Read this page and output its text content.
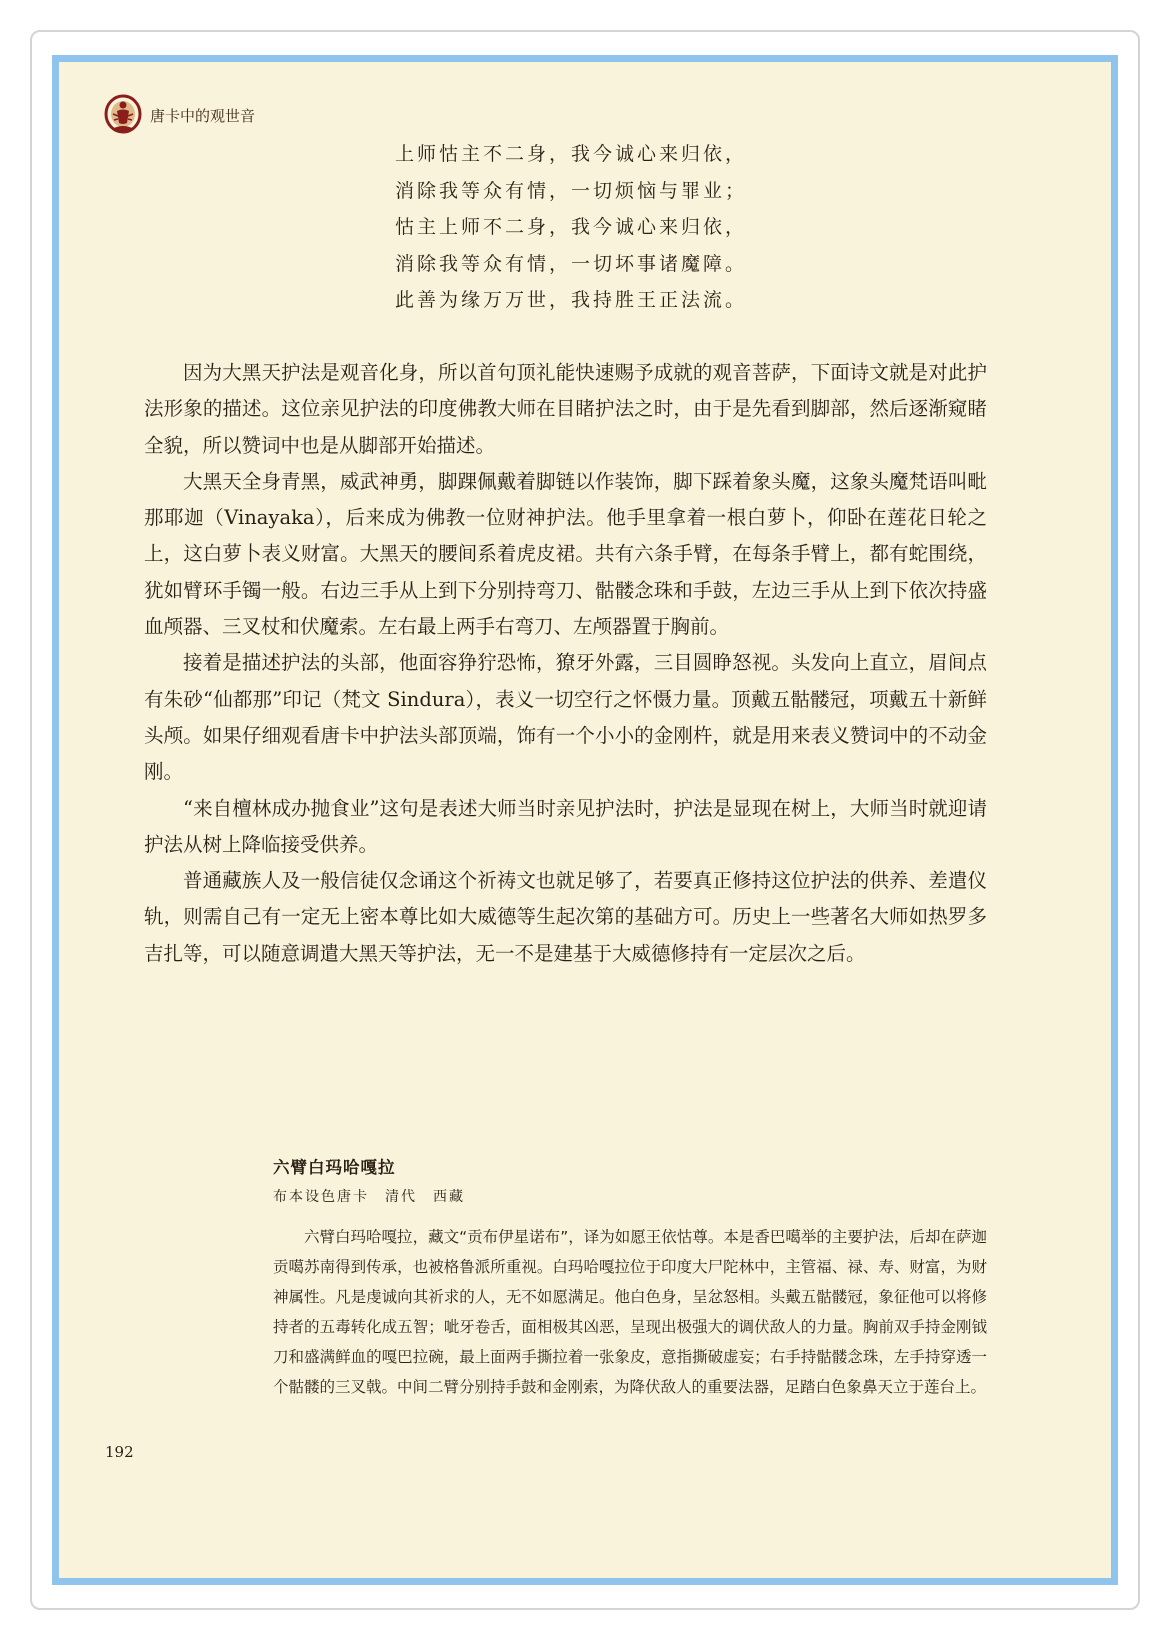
唐卡中的观世音
上师怙主不二身，我今诚心来归依，
消除我等众有情，一切烦恼与罪业；
怙主上师不二身，我今诚心来归依，
消除我等众有情，一切坏事诸魔障。
此善为缘万万世，我持胜王正法流。

因为大黑天护法是观音化身，所以首句顶礼能快速赐予成就的观音菩萨，下面诗文就是对此护法形象的描述。这位亲见护法的印度佛教大师在目睹护法之时，由于是先看到脚部，然后逐渐窥睹全貌，所以赞词中也是从脚部开始描述。

大黑天全身青黑，威武神勇，脚踝佩戴着脚链以作装饰，脚下踩着象头魔，这象头魔梵语叫毗那耶迦（Vinayaka），后来成为佛教一位财神护法。他手里拿着一根白萝卜，仰卧在莲花日轮之上，这白萝卜表义财富。大黑天的腰间系着虎皮裙。共有六条手臂，在每条手臂上，都有蛇围绕，犹如臂环手镯一般。右边三手从上到下分别持弯刀、骷髅念珠和手鼓，左边三手从上到下依次持盛血颅器、三叉杖和伏魔索。左右最上两手右弯刀、左颅器置于胸前。

接着是描述护法的头部，他面容狰狞恐怖，獠牙外露，三目圆睁怒视。头发向上直立，眉间点有朱砂“仙都那”印记（梵文 Sindura），表义一切空行之怀慑力量。顶戴五骷髅冠，项戴五十新鲜头颅。如果仔细观看唐卡中护法头部顶端，饰有一个小小的金刚杵，就是用来表义赞词中的不动金刚。

“来自檀林成办抛食业”这句是表述大师当时亲见护法时，护法是显现在树上，大师当时就迎请护法从树上降临接受供养。

普通藏族人及一般信徒仅念诵这个祈祷文也就足够了，若要真正修持这位护法的供养、差遣仪轨，则需自己有一定无上密本尊比如大威德等生起次第的基础方可。历史上一些著名大师如热罗多吉扎等，可以随意调遣大黑天等护法，无一不是建基于大威德修持有一定层次之后。

六臂白玛哈嘎拉
布本设色唐卡　清代　西藏

六臂白玛哈嘎拉，藏文“贡布伊星诺布”，译为如愿王依怙尊。本是香巴噶举的主要护法，后却在萨迦贡噶苏南得到传承，也被格鲁派所重视。白玛哈嘎拉位于印度大尸陀林中，主管福、禄、寿、财富，为财神属性。凡是虔诚向其祈求的人，无不如愿满足。他白色身，呈忿怒相。头戴五骷髅冠，象征他可以将修持者的五毒转化成五智；呲牙卷舌，面相极其凶恶，呈现出极强大的调伏敌人的力量。胸前双手持金刚钺刀和盛满鲜血的嘎巴拉碗，最上面两手撕拉着一张象皮，意指撕破虚妄；右手持骷髅念珠，左手持穿透一个骷髅的三叉戟。中间二臂分别持手鼓和金刚索，为降伏敌人的重要法器，足踏白色象鼻天立于莲台上。

192
